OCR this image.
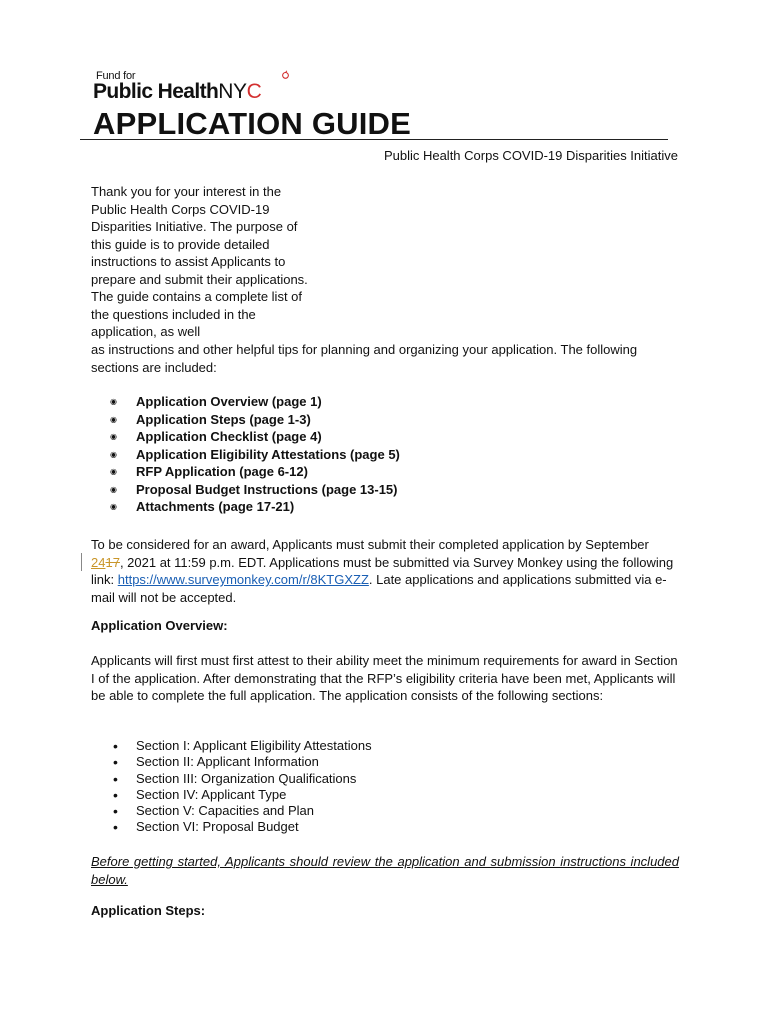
Fund for
Public HealthNYC
APPLICATION GUIDE
Public Health Corps COVID-19 Disparities Initiative
Thank you for your interest in the Public Health Corps COVID-19 Disparities Initiative. The purpose of this guide is to provide detailed instructions to assist Applicants to prepare and submit their applications. The guide contains a complete list of the questions included in the application, as well
as instructions and other helpful tips for planning and organizing your application. The following sections are included:
◉ Application Overview (page 1)
◉ Application Steps (page 1-3)
◉ Application Checklist (page 4)
◉ Application Eligibility Attestations (page 5)
◉ RFP Application (page 6-12)
◉ Proposal Budget Instructions (page 13-15)
◉ Attachments (page 17-21)
To be considered for an award, Applicants must submit their completed application by September 2417, 2021 at 11:59 p.m. EDT. Applications must be submitted via Survey Monkey using the following link: https://www.surveymonkey.com/r/8KTGXZZ. Late applications and applications submitted via e-mail will not be accepted.
Application Overview:
Applicants will first must first attest to their ability meet the minimum requirements for award in Section I of the application. After demonstrating that the RFP’s eligibility criteria have been met, Applicants will be able to complete the full application. The application consists of the following sections:
• Section I: Applicant Eligibility Attestations
• Section II: Applicant Information
• Section III: Organization Qualifications
• Section IV: Applicant Type
• Section V: Capacities and Plan
• Section VI: Proposal Budget
Before getting started, Applicants should review the application and submission instructions included below.
Application Steps:
